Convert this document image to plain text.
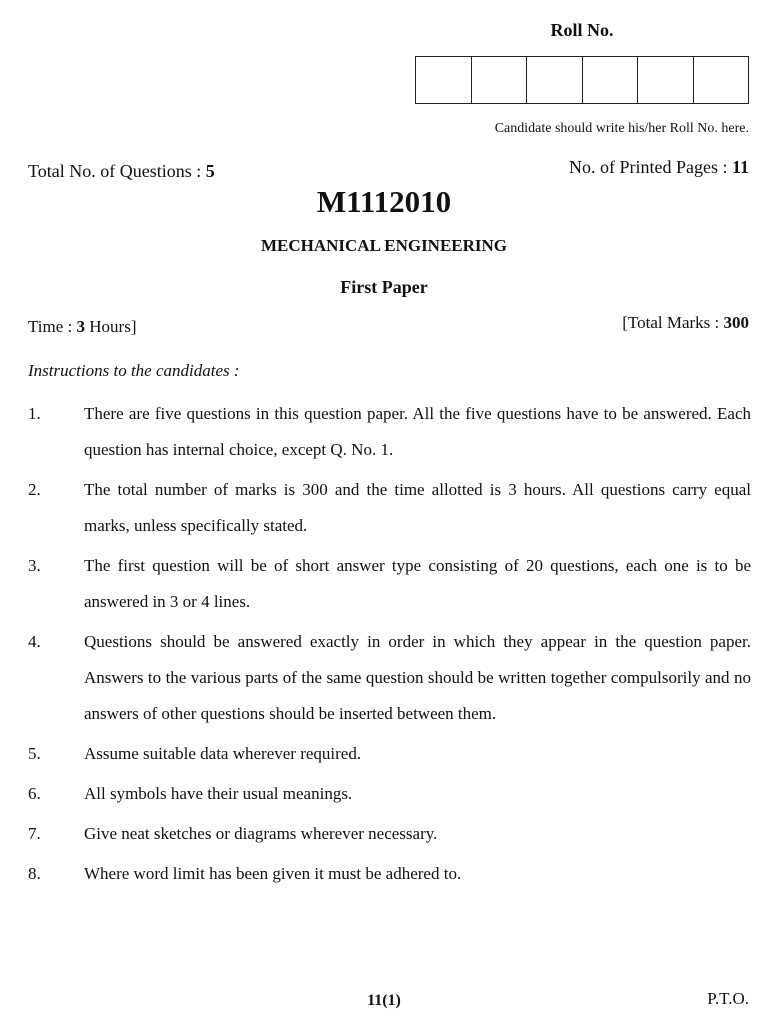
Roll No.
Candidate should write his/her Roll No. here.
Total No. of Questions : 5	No. of Printed Pages : 11
M1112010
MECHANICAL ENGINEERING
First Paper
Time : 3 Hours]	[Total Marks : 300
Instructions to the candidates :
1.	There are five questions in this question paper. All the five questions have to be answered. Each question has internal choice, except Q. No. 1.
2.	The total number of marks is 300 and the time allotted is 3 hours. All questions carry equal marks, unless specifically stated.
3.	The first question will be of short answer type consisting of 20 questions, each one is to be answered in 3 or 4 lines.
4.	Questions should be answered exactly in order in which they appear in the question paper. Answers to the various parts of the same question should be written together compulsorily and no answers of other questions should be inserted between them.
5.	Assume suitable data wherever required.
6.	All symbols have their usual meanings.
7.	Give neat sketches or diagrams wherever necessary.
8.	Where word limit has been given it must be adhered to.
11(1)	P.T.O.
